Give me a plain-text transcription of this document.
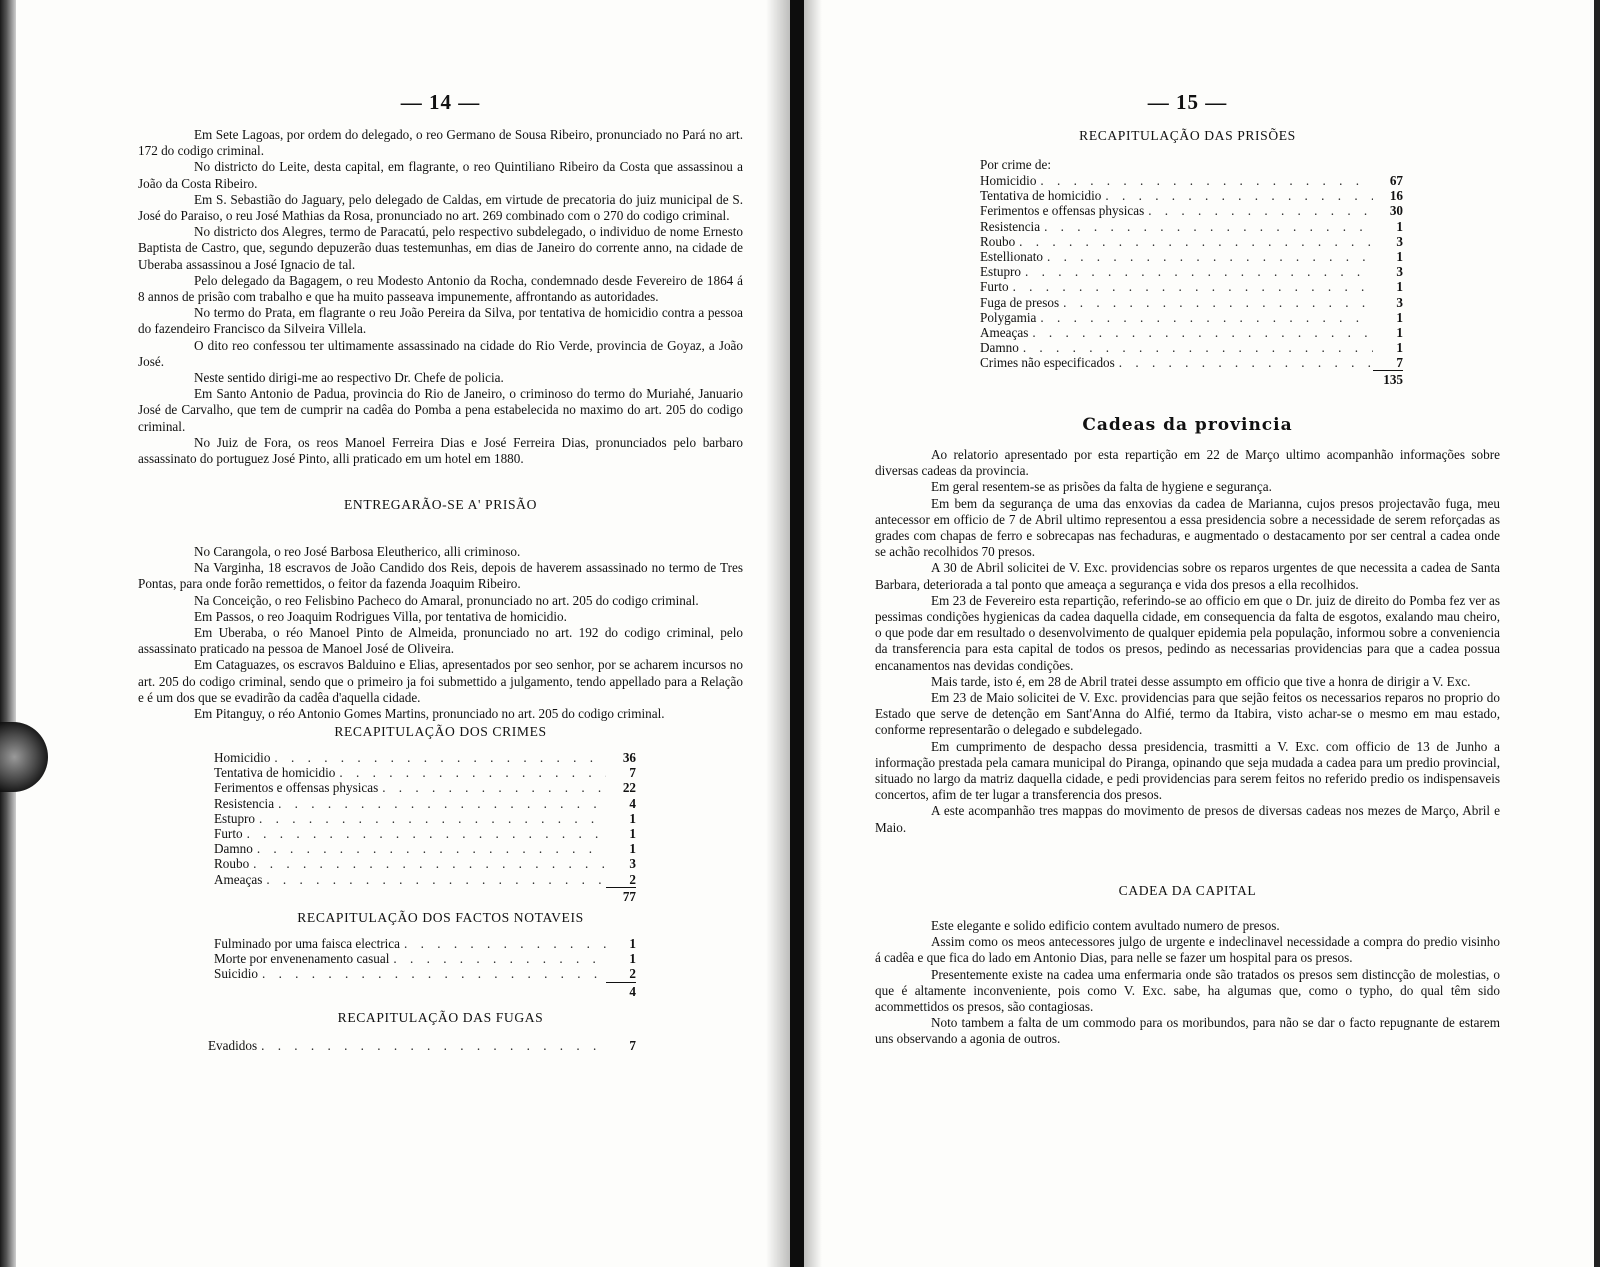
— 14 —

Em Sete Lagoas, por ordem do delegado, o reo Germano de Sousa Ribeiro, pronunciado no Pará no art. 172 do codigo criminal.

No districto do Leite, desta capital, em flagrante, o reo Quintiliano Ribeiro da Costa que assassinou a João da Costa Ribeiro.

Em S. Sebastião do Jaguary, pelo delegado de Caldas, em virtude de precatoria do juiz municipal de S. José do Paraiso, o reu José Mathias da Rosa, pronunciado no art. 269 combinado com o 270 do codigo criminal.

No districto dos Alegres, termo de Paracatú, pelo respectivo subdelegado, o individuo de nome Ernesto Baptista de Castro, que, segundo depuzerão duas testemunhas, em dias de Janeiro do corrente anno, na cidade de Uberaba assassinou a José Ignacio de tal.

Pelo delegado da Bagagem, o reu Modesto Antonio da Rocha, condemnado desde Fevereiro de 1864 á 8 annos de prisão com trabalho e que ha muito passeava impunemente, affrontando as autoridades.

No termo do Prata, em flagrante o reu João Pereira da Silva, por tentativa de homicidio contra a pessoa do fazendeiro Francisco da Silveira Villela.

O dito reo confessou ter ultimamente assassinado na cidade do Rio Verde, provincia de Goyaz, a João José.

Neste sentido dirigi-me ao respectivo Dr. Chefe de policia.

Em Santo Antonio de Padua, provincia do Rio de Janeiro, o criminoso do termo do Muriahé, Januario José de Carvalho, que tem de cumprir na cadêa do Pomba a pena estabelecida no maximo do art. 205 do codigo criminal.

No Juiz de Fora, os reos Manoel Ferreira Dias e José Ferreira Dias, pronunciados pelo barbaro assassinato do portuguez José Pinto, alli praticado em um hotel em 1880.

ENTREGARÃO-SE A' PRISÃO

No Carangola, o reo José Barbosa Eleutherico, alli criminoso.

Na Varginha, 18 escravos de João Candido dos Reis, depois de haverem assassinado no termo de Tres Pontas, para onde forão remettidos, o feitor da fazenda Joaquim Ribeiro.

Na Conceição, o reo Felisbino Pacheco do Amaral, pronunciado no art. 205 do codigo criminal.

Em Passos, o reo Joaquim Rodrigues Villa, por tentativa de homicidio.

Em Uberaba, o réo Manoel Pinto de Almeida, pronunciado no art. 192 do codigo criminal, pelo assassinato praticado na pessoa de Manoel José de Oliveira.

Em Cataguazes, os escravos Balduino e Elias, apresentados por seo senhor, por se acharem incursos no art. 205 do codigo criminal, sendo que o primeiro ja foi submettido a julgamento, tendo appellado para a Relação e é um dos que se evadirão da cadêa d'aquella cidade.

Em Pitanguy, o réo Antonio Gomes Martins, pronunciado no art. 205 do codigo criminal.

RECAPITULAÇÃO DOS CRIMES
Homicidio . . .	36
Tentativa de homicidio . . .	7
Ferimentos e offensas physicas . . .	22
Resistencia . . .	4
Estupro . . .	1
Furto . . .	1
Damno . . .	1
Roubo . . .	3
Ameaças . . .	2
77
RECAPITULAÇÃO DOS FACTOS NOTAVEIS
Fulminado por uma faisca electrica . . .	1
Morte por envenenamento casual . . .	1
Suicidio . . .	2
4
RECAPITULAÇÃO DAS FUGAS
Evadidos . . .	7
— 15 —
RECAPITULAÇÃO DAS PRISÕES
Por crime de:
Homicidio . . .	67
Tentativa de homicidio . . .	16
Ferimentos e offensas physicas . . .	30
Resistencia . . .	1
Roubo . . .	3
Estellionato . . .	1
Estupro . . .	3
Furto . . .	1
Fuga de presos . . .	3
Polygamia . . .	1
Ameaças . . .	1
Damno . . .	1
Crimes não especificados . . .	7
135
Cadeas da provincia

Ao relatorio apresentado por esta repartição em 22 de Março ultimo acompanhão informações sobre diversas cadeas da provincia.

Em geral resentem-se as prisões da falta de hygiene e segurança.

Em bem da segurança de uma das enxovias da cadea de Marianna, cujos presos projectavão fuga, meu antecessor em officio de 7 de Abril ultimo representou a essa presidencia sobre a necessidade de serem reforçadas as grades com chapas de ferro e sobrecapas nas fechaduras, e augmentado o destacamento por ser central a cadea onde se achão recolhidos 70 presos.

A 30 de Abril solicitei de V. Exc. providencias sobre os reparos urgentes de que necessita a cadea de Santa Barbara, deteriorada a tal ponto que ameaça a segurança e vida dos presos a ella recolhidos.

Em 23 de Fevereiro esta repartição, referindo-se ao officio em que o Dr. juiz de direito do Pomba fez ver as pessimas condições hygienicas da cadea daquella cidade, em consequencia da falta de esgotos, exalando mau cheiro, o que pode dar em resultado o desenvolvimento de qualquer epidemia pela população, informou sobre a conveniencia da transferencia para esta capital de todos os presos, pedindo as necessarias providencias para que a cadea possua encanamentos nas devidas condições.

Mais tarde, isto é, em 28 de Abril tratei desse assumpto em officio que tive a honra de dirigir a V. Exc.

Em 23 de Maio solicitei de V. Exc. providencias para que sejão feitos os necessarios reparos no proprio do Estado que serve de detenção em Sant'Anna do Alfié, termo da Itabira, visto achar-se o mesmo em mau estado, conforme representarão o delegado e subdelegado.

Em cumprimento de despacho dessa presidencia, trasmitti a V. Exc. com officio de 13 de Junho a informação prestada pela camara municipal do Piranga, opinando que seja mudada a cadea para um predio provincial, situado no largo da matriz daquella cidade, e pedi providencias para serem feitos no referido predio os indispensaveis concertos, afim de ter lugar a transferencia dos presos.

A este acompanhão tres mappas do movimento de presos de diversas cadeas nos mezes de Março, Abril e Maio.

CADEA DA CAPITAL

Este elegante e solido edificio contem avultado numero de presos.

Assim como os meos antecessores julgo de urgente e indeclinavel necessidade a compra do predio visinho á cadêa e que fica do lado em Antonio Dias, para nelle se fazer um hospital para os presos.

Presentemente existe na cadea uma enfermaria onde são tratados os presos sem distincção de molestias, o que é altamente inconveniente, pois como V. Exc. sabe, ha algumas que, como o typho, do qual têm sido acommettidos os presos, são contagiosas.

Noto tambem a falta de um commodo para os moribundos, para não se dar o facto repugnante de estarem uns observando a agonia de outros.
